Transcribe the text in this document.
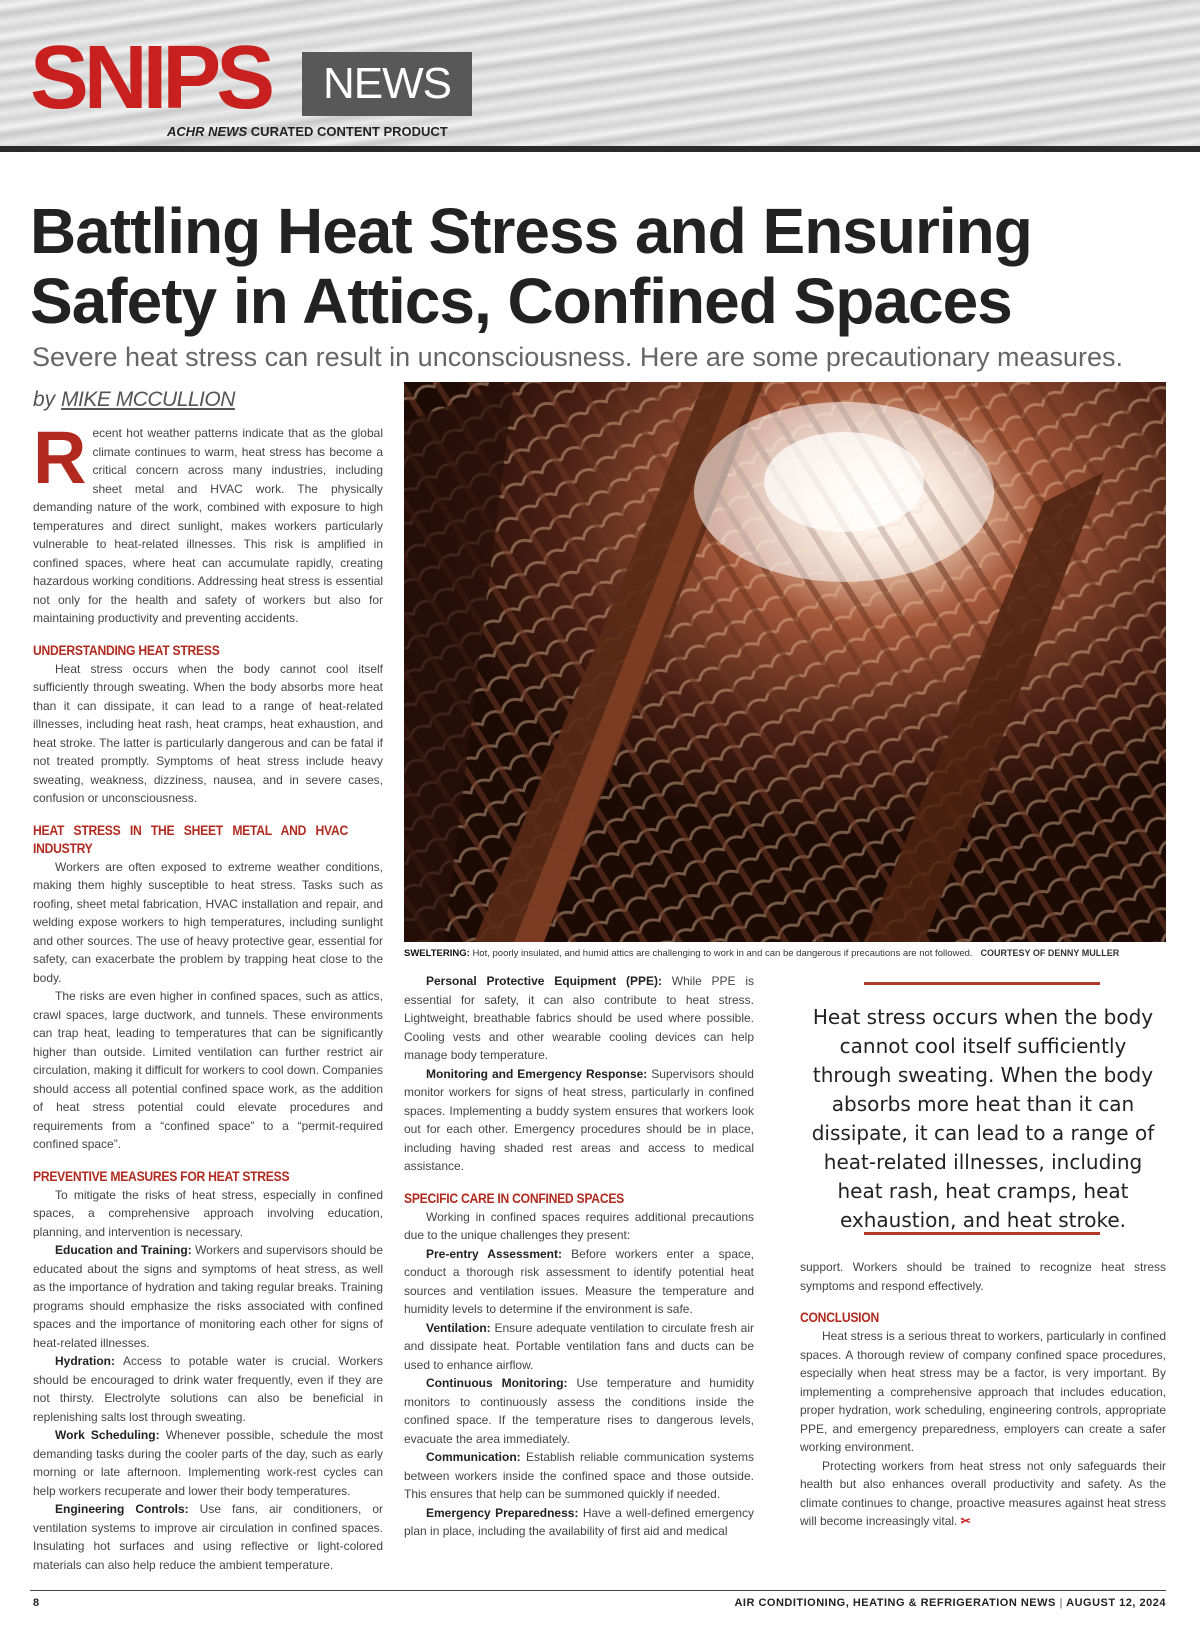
SNIPS	NEWS
ACHR NEWS CURATED CONTENT PRODUCT
Battling Heat Stress and Ensuring Safety in Attics, Confined Spaces
Severe heat stress can result in unconsciousness. Here are some precautionary measures.
by MIKE MCCULLION

Recent hot weather patterns indicate that as the global climate continues to warm, heat stress has become a critical concern across many industries, including sheet metal and HVAC work. The physically demanding nature of the work, combined with exposure to high temperatures and direct sunlight, makes workers particularly vulnerable to heat-related illnesses. This risk is amplified in confined spaces, where heat can accumulate rapidly, creating hazardous working conditions. Addressing heat stress is essential not only for the health and safety of workers but also for maintaining productivity and preventing accidents.

UNDERSTANDING HEAT STRESS

Heat stress occurs when the body cannot cool itself sufficiently through sweating. When the body absorbs more heat than it can dissipate, it can lead to a range of heat-related illnesses, including heat rash, heat cramps, heat exhaustion, and heat stroke. The latter is particularly dangerous and can be fatal if not treated promptly. Symptoms of heat stress include heavy sweating, weakness, dizziness, nausea, and in severe cases, confusion or unconsciousness.

HEAT STRESS IN THE SHEET METAL AND HVAC INDUSTRY

Workers are often exposed to extreme weather conditions, making them highly susceptible to heat stress. Tasks such as roofing, sheet metal fabrication, HVAC installation and repair, and welding expose workers to high temperatures, including sunlight and other sources. The use of heavy protective gear, essential for safety, can exacerbate the problem by trapping heat close to the body.

The risks are even higher in confined spaces, such as attics, crawl spaces, large ductwork, and tunnels. These environments can trap heat, leading to temperatures that can be significantly higher than outside. Limited ventilation can further restrict air circulation, making it difficult for workers to cool down. Companies should access all potential confined space work, as the addition of heat stress potential could elevate procedures and requirements from a “confined space” to a “permit-required confined space”.

PREVENTIVE MEASURES FOR HEAT STRESS

To mitigate the risks of heat stress, especially in confined spaces, a comprehensive approach involving education, planning, and intervention is necessary.

Education and Training: Workers and supervisors should be educated about the signs and symptoms of heat stress, as well as the importance of hydration and taking regular breaks. Training programs should emphasize the risks associated with confined spaces and the importance of monitoring each other for signs of heat-related illnesses.

Hydration: Access to potable water is crucial. Workers should be encouraged to drink water frequently, even if they are not thirsty. Electrolyte solutions can also be beneficial in replenishing salts lost through sweating.

Work Scheduling: Whenever possible, schedule the most demanding tasks during the cooler parts of the day, such as early morning or late afternoon. Implementing work-rest cycles can help workers recuperate and lower their body temperatures.

Engineering Controls: Use fans, air conditioners, or ventilation systems to improve air circulation in confined spaces. Insulating hot surfaces and using reflective or light-colored materials can also help reduce the ambient temperature.

SWELTERING: Hot, poorly insulated, and humid attics are challenging to work in and can be dangerous if precautions are not followed. COURTESY OF DENNY MULLER

Personal Protective Equipment (PPE): While PPE is essential for safety, it can also contribute to heat stress. Lightweight, breathable fabrics should be used where possible. Cooling vests and other wearable cooling devices can help manage body temperature.

Monitoring and Emergency Response: Supervisors should monitor workers for signs of heat stress, particularly in confined spaces. Implementing a buddy system ensures that workers look out for each other. Emergency procedures should be in place, including having shaded rest areas and access to medical assistance.

SPECIFIC CARE IN CONFINED SPACES

Working in confined spaces requires additional precautions due to the unique challenges they present:

Pre-entry Assessment: Before workers enter a space, conduct a thorough risk assessment to identify potential heat sources and ventilation issues. Measure the temperature and humidity levels to determine if the environment is safe.

Ventilation: Ensure adequate ventilation to circulate fresh air and dissipate heat. Portable ventilation fans and ducts can be used to enhance airflow.

Continuous Monitoring: Use temperature and humidity monitors to continuously assess the conditions inside the confined space. If the temperature rises to dangerous levels, evacuate the area immediately.

Communication: Establish reliable communication systems between workers inside the confined space and those outside. This ensures that help can be summoned quickly if needed.

Emergency Preparedness: Have a well-defined emergency plan in place, including the availability of first aid and medical

Heat stress occurs when the body cannot cool itself sufficiently through sweating. When the body absorbs more heat than it can dissipate, it can lead to a range of heat-related illnesses, including heat rash, heat cramps, heat exhaustion, and heat stroke.

support. Workers should be trained to recognize heat stress symptoms and respond effectively.

CONCLUSION

Heat stress is a serious threat to workers, particularly in confined spaces. A thorough review of company confined space procedures, especially when heat stress may be a factor, is very important. By implementing a comprehensive approach that includes education, proper hydration, work scheduling, engineering controls, appropriate PPE, and emergency preparedness, employers can create a safer working environment.

Protecting workers from heat stress not only safeguards their health but also enhances overall productivity and safety. As the climate continues to change, proactive measures against heat stress will become increasingly vital. ✂

8	AIR CONDITIONING, HEATING & REFRIGERATION NEWS | AUGUST 12, 2024
